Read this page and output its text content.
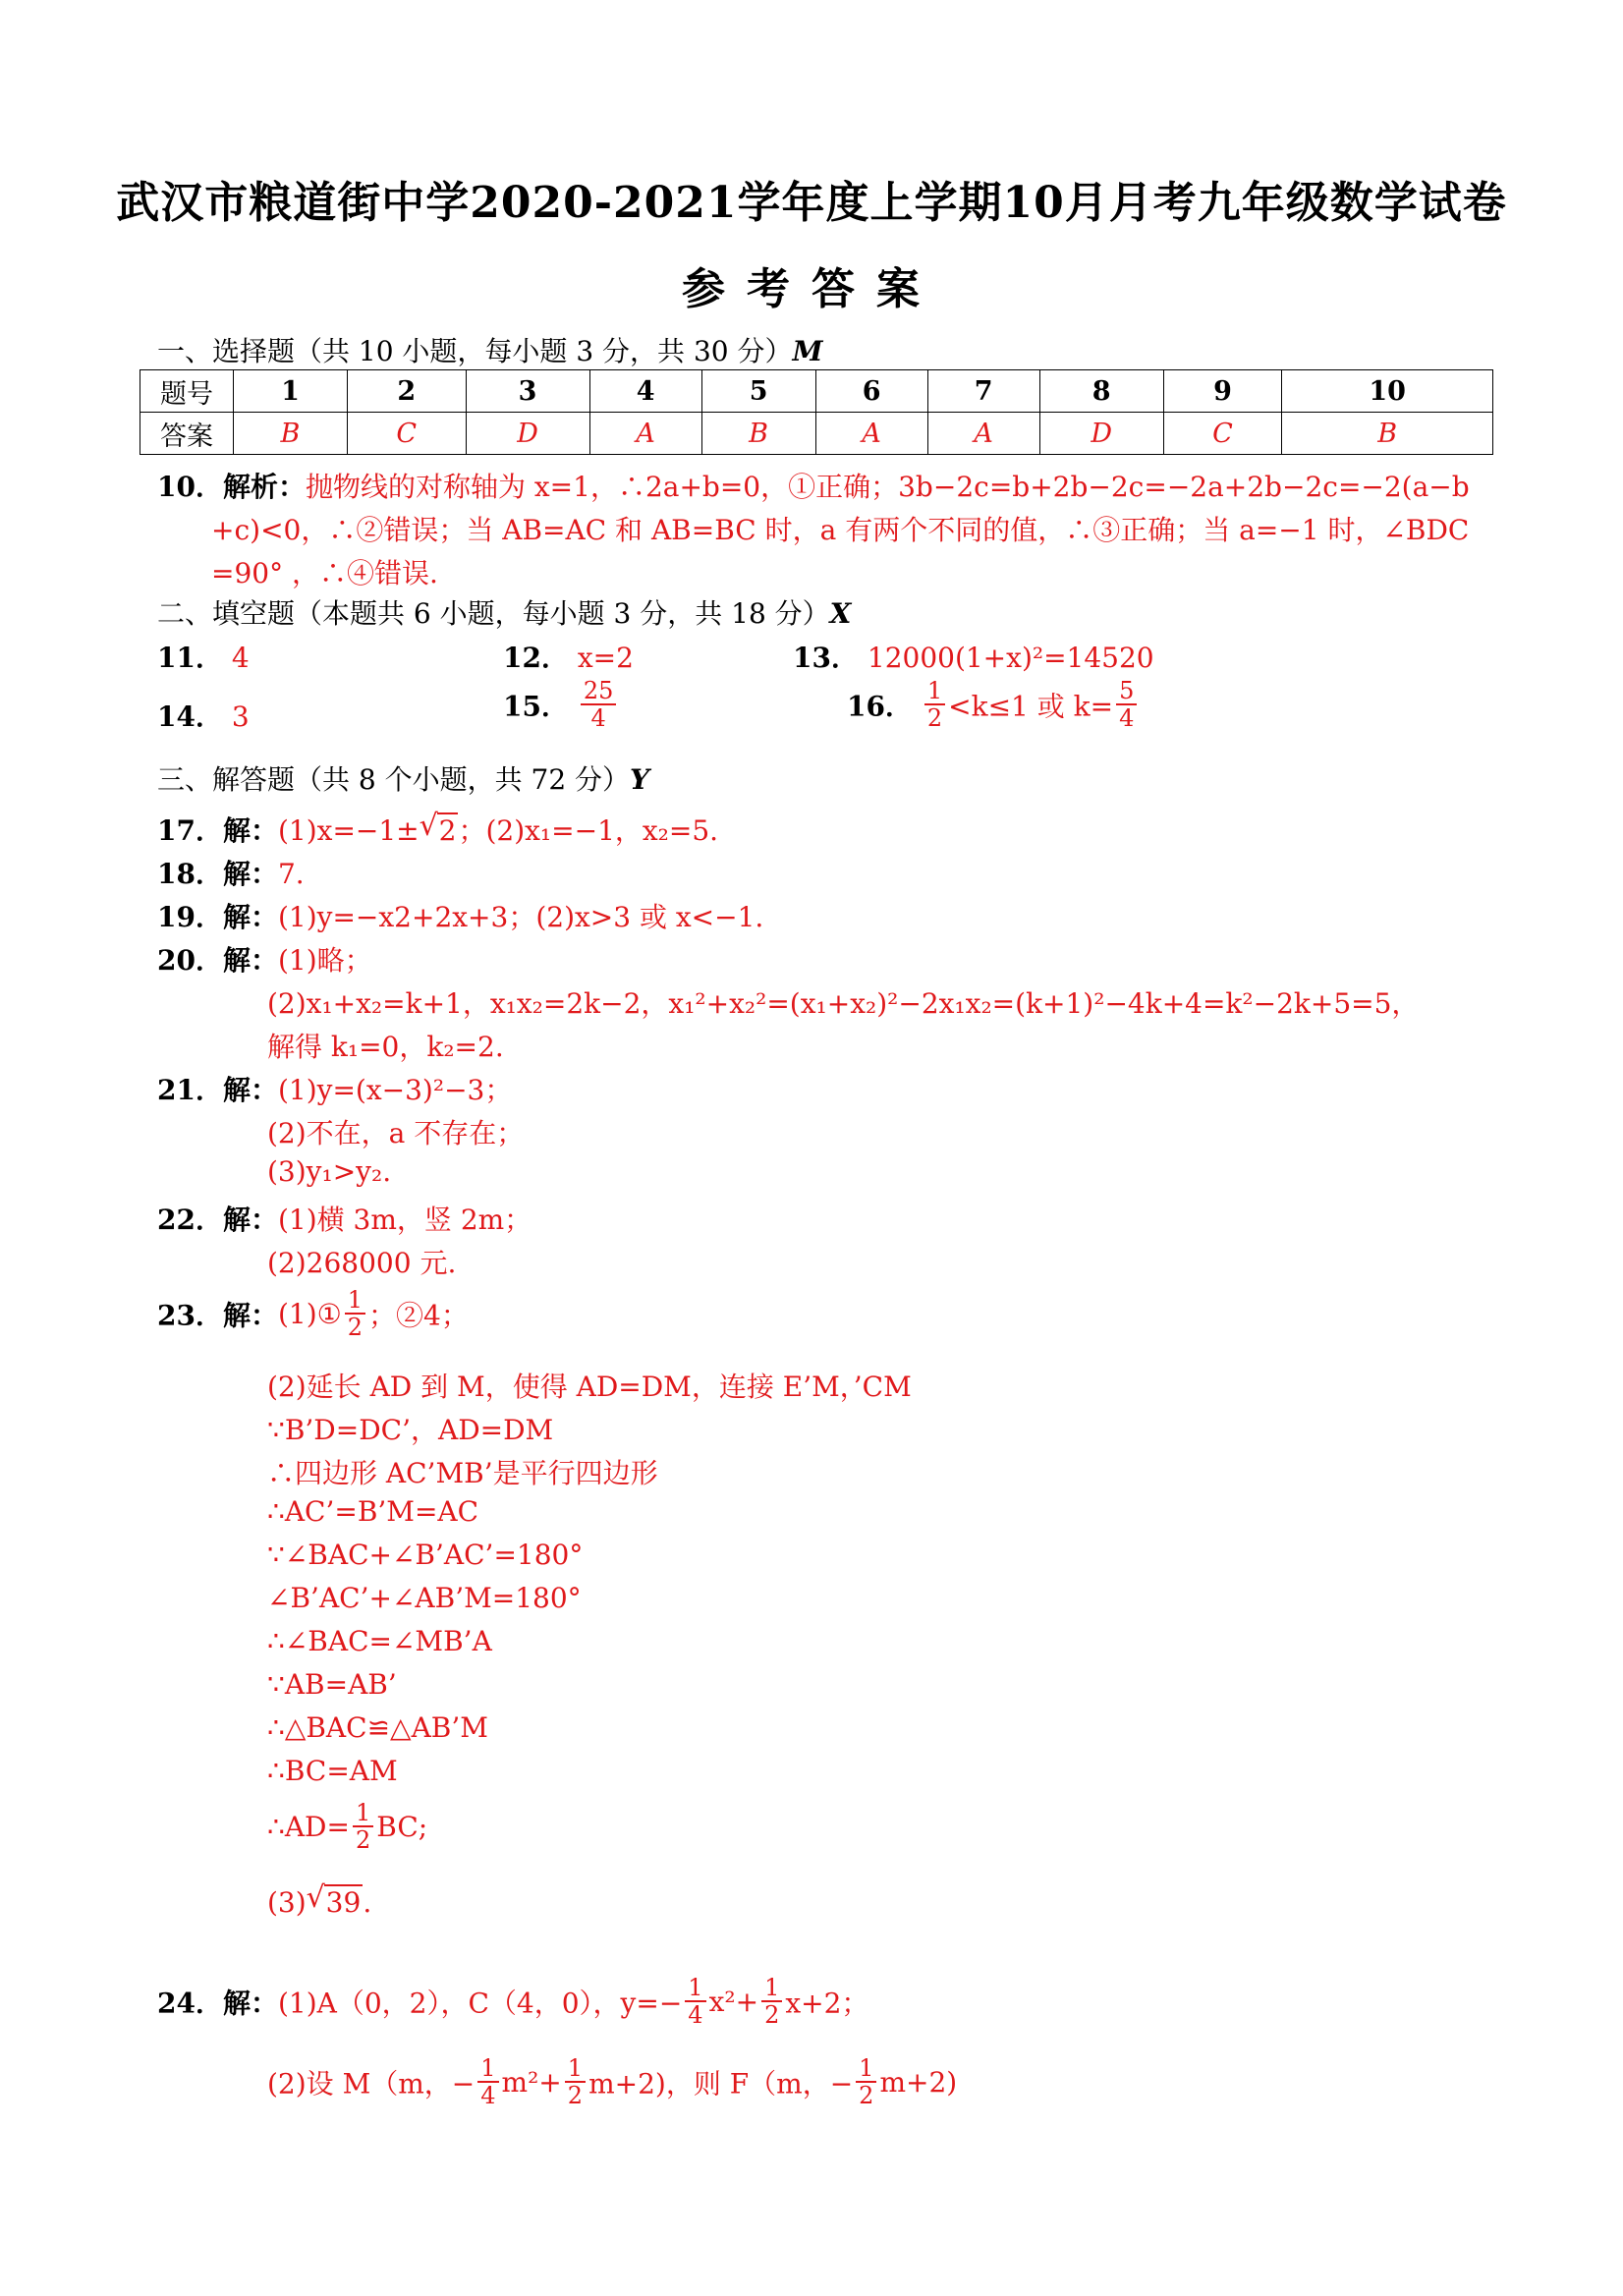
武汉市粮道街中学2020-2021学年度上学期10月月考九年级数学试卷
参考答案
一、选择题（共 10 小题，每小题 3 分，共 30 分）M
题号	1	2	3	4	5	6	7	8	9	10
答案	B	C	D	A	B	A	A	D	C	B
10．解析：抛物线的对称轴为 x=1，∴2a+b=0，①正确；3b−2c=b+2b−2c=−2a+2b−2c=−2(a−b
+c)<0，∴②错误；当 AB=AC 和 AB=BC 时，a 有两个不同的值，∴③正确；当 a=−1 时，∠BDC
=90° ，∴④错误.
二、填空题（本题共 6 小题，每小题 3 分，共 18 分）X
11． 4	12． x=2	13． 12000(1+x)²=14520
14． 3	15． $\frac{25}{4}$	16． $\frac{1}{2} <k\le 1$ 或 $k= \frac{5}{4}$
三、解答题（共 8 个小题，共 72 分）Y
17．解：(1)x=−1± √ 2；(2)x₁=−1，x₂=5.
18．解：7.
19．解：(1)y=−x2+2x+3；(2)x>3 或 x<−1.
20．解：(1)略；
(2)x₁+x₂=k+1，x₁x₂=2k−2，x₁²+x₂²=(x₁+x₂)²−2x₁x₂=(k+1)²−4k+4=k²−2k+5=5，
解得 k₁=0，k₂=2.
21．解：(1)y=(x−3)²−3；
(2)不在，a 不存在；
(3)y₁>y₂.
22．解：(1)横 3m，竖 2m；
(2)268000 元.
23．解：(1)① $\frac{1}{2}$ ；②4；
(2)延长 AD 到 M，使得 AD=DM，连接 E’M，’CM
∵B’D=DC’，AD=DM
∴四边形 AC’MB’是平行四边形
∴AC’=B’M=AC
∵∠BAC+∠B’AC’=180°
∠B’AC’+∠AB’M=180°
∴∠BAC=∠MB’A
∵AB=AB’
∴△BAC≌△AB’M
∴BC=AM
∴AD= $\frac{1}{2}$ BC;
(3) √ 39.
24．解：(1)A（0，2），C（4，0），$y=- \frac{1}{4} x^2+ \frac{1}{2} x+2$；
(2)设 M（m，− $\frac{1}{4} m^2+ \frac{1}{2} m+2$)，则 F（m，− $\frac{1}{2} m+2$)
